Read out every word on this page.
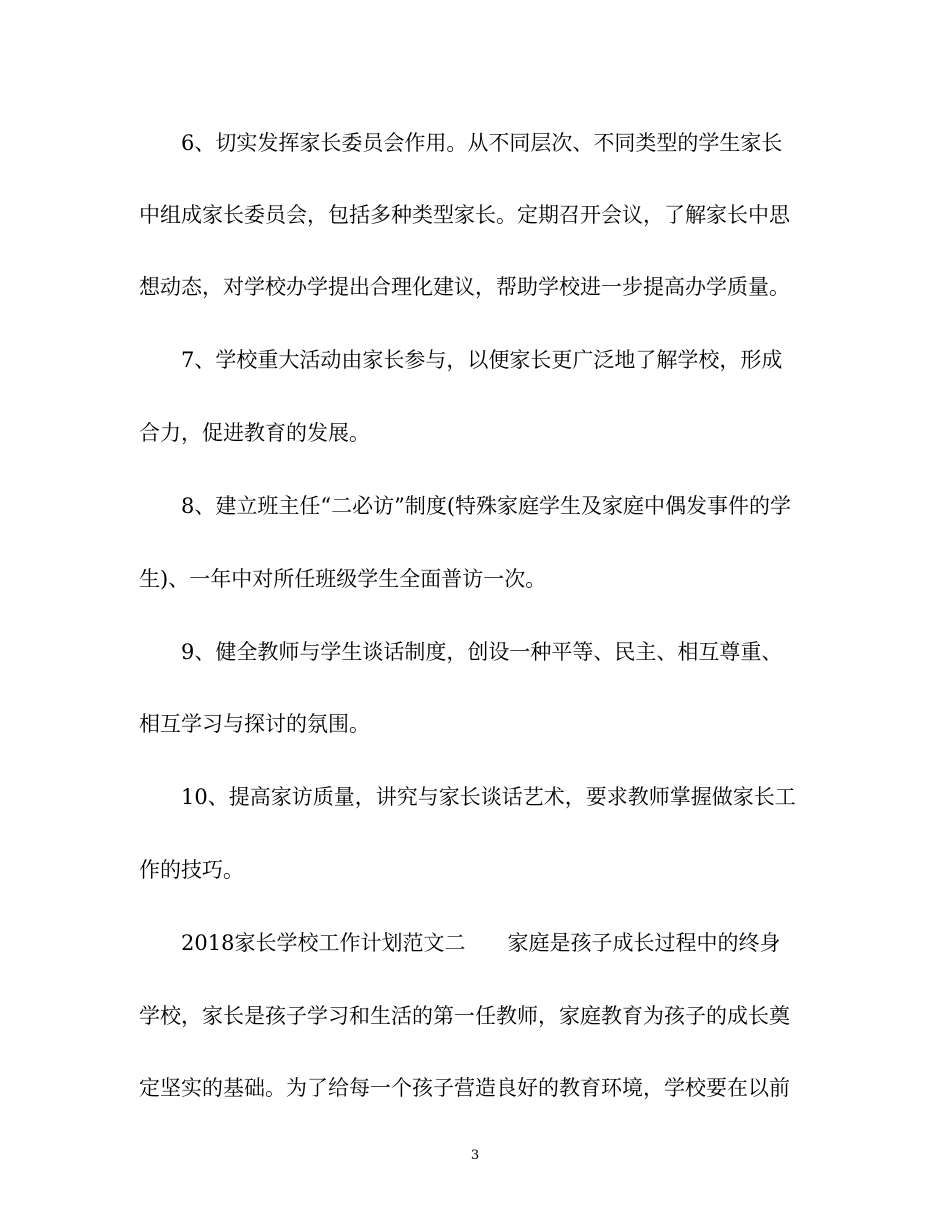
6、切实发挥家长委员会作用。从不同层次、不同类型的学生家长
中组成家长委员会，包括多种类型家长。定期召开会议，了解家长中思
想动态，对学校办学提出合理化建议，帮助学校进一步提高办学质量。
7、学校重大活动由家长参与，以便家长更广泛地了解学校，形成
合力，促进教育的发展。
8、建立班主任“二必访”制度(特殊家庭学生及家庭中偶发事件的学
生)、一年中对所任班级学生全面普访一次。
9、健全教师与学生谈话制度，创设一种平等、民主、相互尊重、
相互学习与探讨的氛围。
10、提高家访质量，讲究与家长谈话艺术，要求教师掌握做家长工
作的技巧。
2018家长学校工作计划范文二　　家庭是孩子成长过程中的终身
学校，家长是孩子学习和生活的第一任教师，家庭教育为孩子的成长奠
定坚实的基础。为了给每一个孩子营造良好的教育环境，学校要在以前
3
